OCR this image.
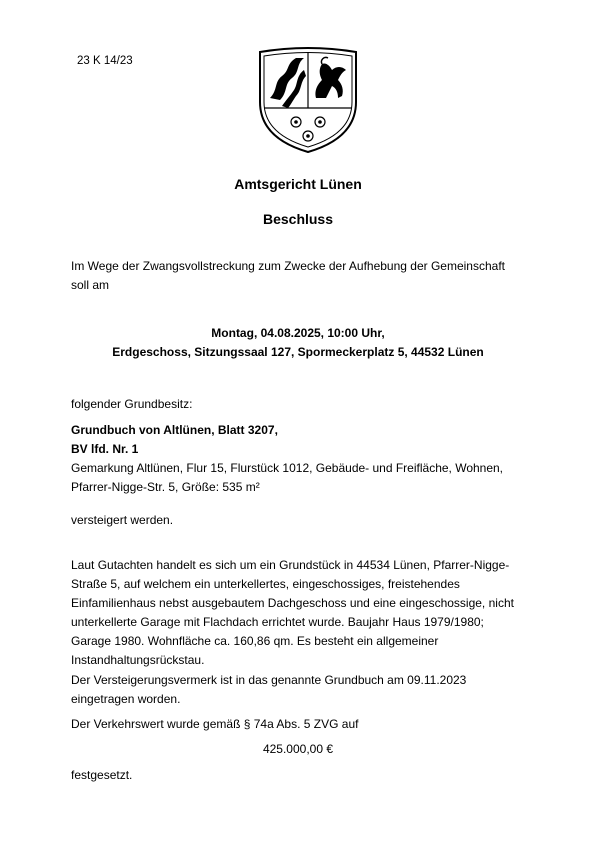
23 K 14/23
Amtsgericht Lünen
Beschluss

Im Wege der Zwangsvollstreckung zum Zwecke der Aufhebung der Gemeinschaft
soll am

Montag, 04.08.2025, 10:00 Uhr,
Erdgeschoss, Sitzungssaal 127, Spormeckerplatz 5, 44532 Lünen

folgender Grundbesitz:

Grundbuch von Altlünen, Blatt 3207,
BV lfd. Nr. 1
Gemarkung Altlünen, Flur 15, Flurstück 1012, Gebäude- und Freifläche, Wohnen,
Pfarrer-Nigge-Str. 5, Größe: 535 m²

versteigert werden.

Laut Gutachten handelt es sich um ein Grundstück in 44534 Lünen, Pfarrer-Nigge-
Straße 5, auf welchem ein unterkellertes, eingeschossiges, freistehendes
Einfamilienhaus nebst ausgebautem Dachgeschoss und eine eingeschossige, nicht
unterkellerte Garage mit Flachdach errichtet wurde. Baujahr Haus 1979/1980;
Garage 1980. Wohnfläche ca. 160,86 qm. Es besteht ein allgemeiner
Instandhaltungsrückstau.

Der Versteigerungsvermerk ist in das genannte Grundbuch am 09.11.2023
eingetragen worden.

Der Verkehrswert wurde gemäß § 74a Abs. 5 ZVG auf

425.000,00 €

festgesetzt.
